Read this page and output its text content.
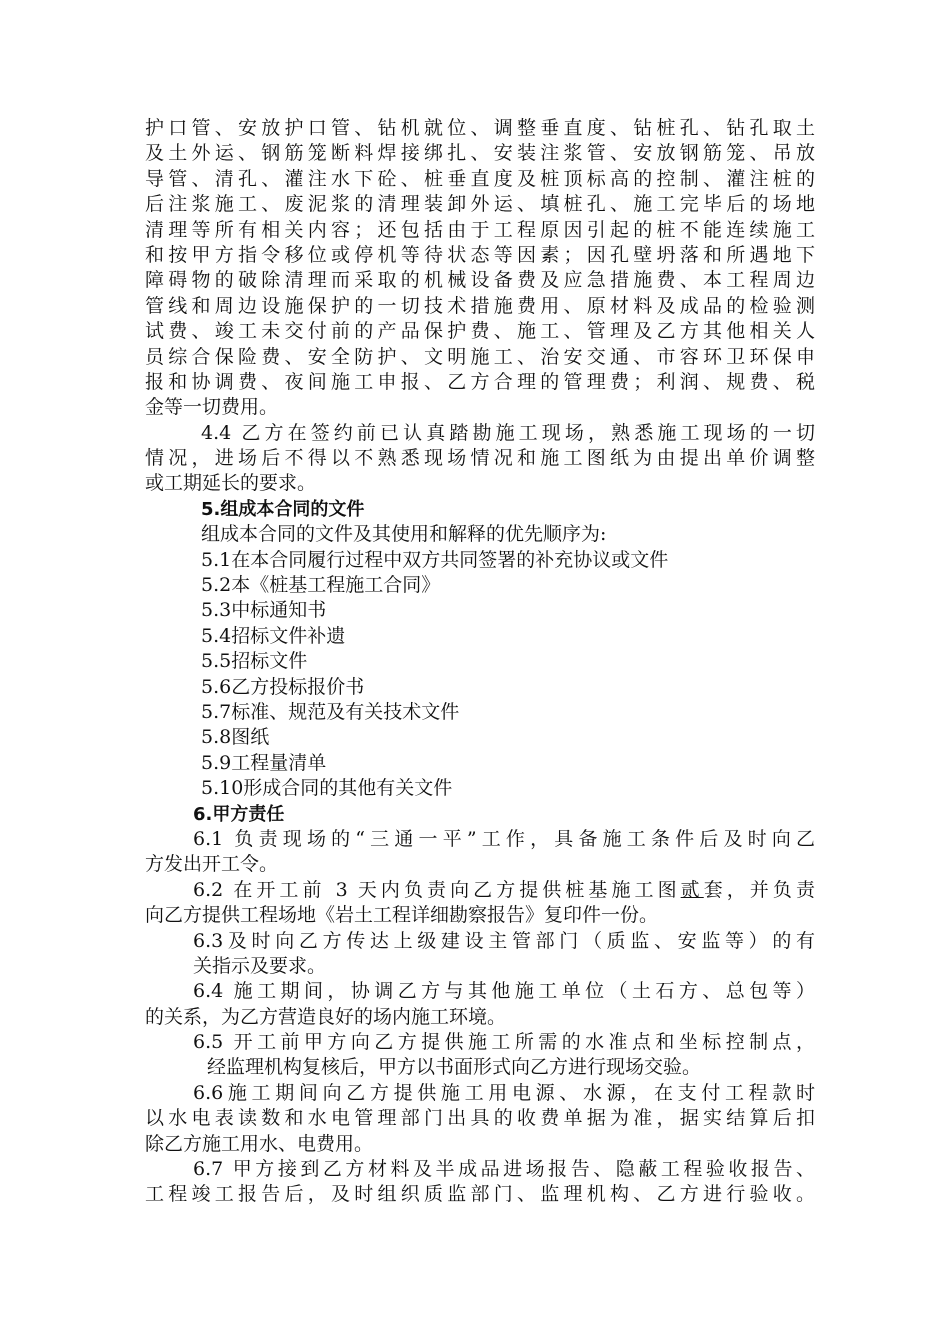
护口管、安放护口管、钻机就位、调整垂直度、钻桩孔、钻孔取土
及土外运、钢筋笼断料焊接绑扎、安装注浆管、安放钢筋笼、吊放
导管、清孔、灌注水下砼、桩垂直度及桩顶标高的控制、灌注桩的
后注浆施工、废泥浆的清理装卸外运、填桩孔、施工完毕后的场地
清理等所有相关内容；还包括由于工程原因引起的桩不能连续施工
和按甲方指令移位或停机等待状态等因素；因孔壁坍落和所遇地下
障碍物的破除清理而采取的机械设备费及应急措施费、本工程周边
管线和周边设施保护的一切技术措施费用、原材料及成品的检验测
试费、竣工未交付前的产品保护费、施工、管理及乙方其他相关人
员综合保险费、安全防护、文明施工、治安交通、市容环卫环保申
报和协调费、夜间施工申报、乙方合理的管理费；利润、规费、税
金等一切费用。
4.4 乙方在签约前已认真踏勘施工现场，熟悉施工现场的一切
情况，进场后不得以不熟悉现场情况和施工图纸为由提出单价调整
或工期延长的要求。
5.组成本合同的文件
组成本合同的文件及其使用和解释的优先顺序为:
5.1在本合同履行过程中双方共同签署的补充协议或文件
5.2本《桩基工程施工合同》
5.3中标通知书
5.4招标文件补遗
5.5招标文件
5.6乙方投标报价书
5.7标准、规范及有关技术文件
5.8图纸
5.9工程量清单
5.10形成合同的其他有关文件
6.甲方责任
6.1 负责现场的“三通一平”工作，具备施工条件后及时向乙
方发出开工令。
6.2 在开工前 3 天内负责向乙方提供桩基施工图贰套，并负责
向乙方提供工程场地《岩土工程详细勘察报告》复印件一份。
6.3及时向乙方传达上级建设主管部门（质监、安监等）的有
关指示及要求。
6.4 施工期间，协调乙方与其他施工单位（土石方、总包等）
的关系，为乙方营造良好的场内施工环境。
6.5 开工前甲方向乙方提供施工所需的水准点和坐标控制点，
经监理机构复核后，甲方以书面形式向乙方进行现场交验。
6.6施工期间向乙方提供施工用电源、水源，在支付工程款时
以水电表读数和水电管理部门出具的收费单据为准，据实结算后扣
除乙方施工用水、电费用。
6.7 甲方接到乙方材料及半成品进场报告、隐蔽工程验收报告、
工程竣工报告后，及时组织质监部门、监理机构、乙方进行验收。
